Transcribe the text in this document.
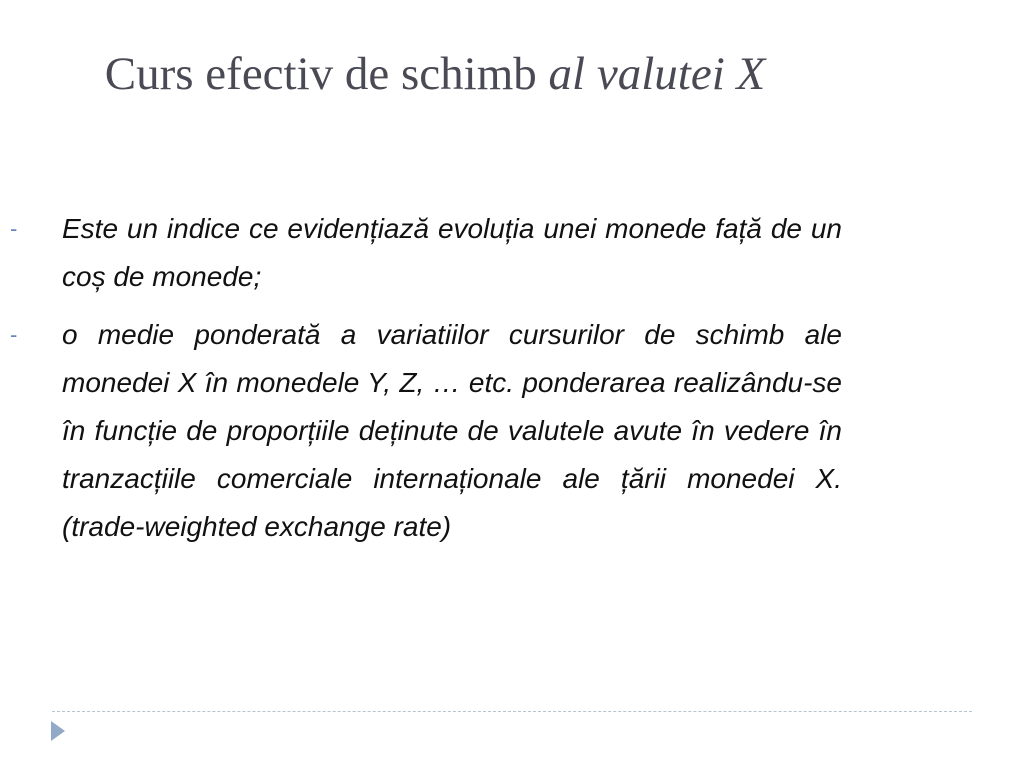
Curs efectiv de schimb al valutei X
- Este un indice ce evidențiază evoluția unei monede față de un coș de monede;
- o medie ponderată a variatiilor cursurilor de schimb ale monedei X în monedele Y, Z, … etc. ponderarea realizându-se în funcție de proporțiile deținute de valutele avute în vedere în tranzacțiile comerciale internaționale ale țării monedei X. (trade-weighted exchange rate)
